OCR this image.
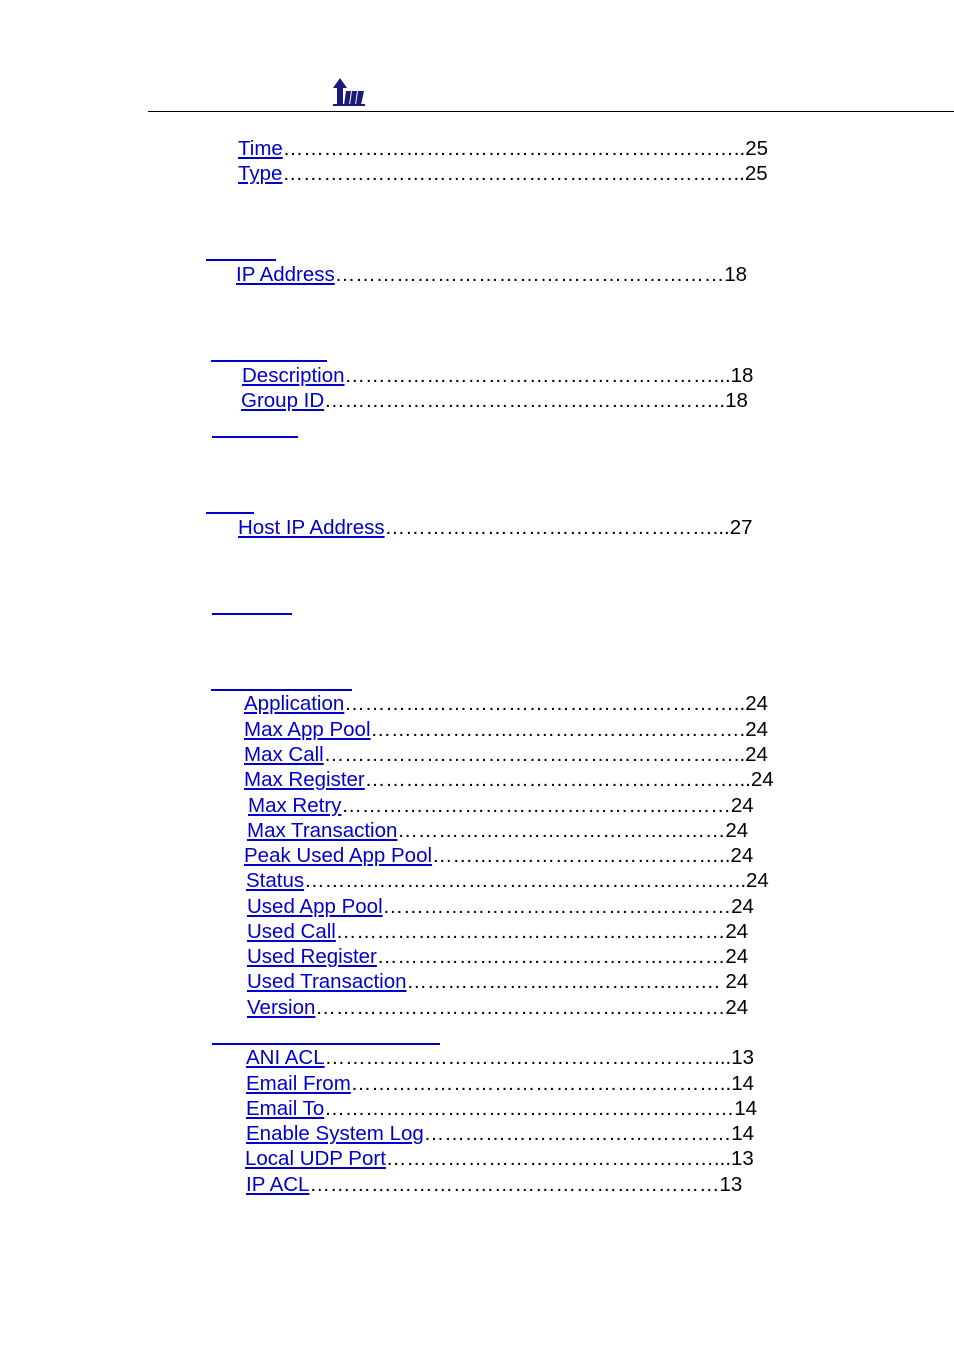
Time…………………………………………………………..25
Type…………………………………………………………..25
IP Address…………………………………………………18
Description………………………………………………...18
Group ID…………………………………………………..18
Host IP Address…………………………………………...27
Application…………………………………………………..24
Max App Pool……………………………………………….24
Max Call……………………………………………………..24
Max Register………………………………………………...24
Max Retry…………………………………………………24
Max Transaction…………………………………………24
Peak Used App Pool……………………………………..24
Status………………………………………………………..24
Used App Pool……………………………………………24
Used Call…………………………………………………24
Used Register……………………………………………24
Used Transaction………………………………………. 24
Version……………………………………………………24
ANI ACL…………………………………………………...13
Email From………………………………………………..14
Email To……………………………………………………14
Enable System Log………………………………………14
Local UDP Port…………………………………………...13
IP ACL……………………………………………………13
